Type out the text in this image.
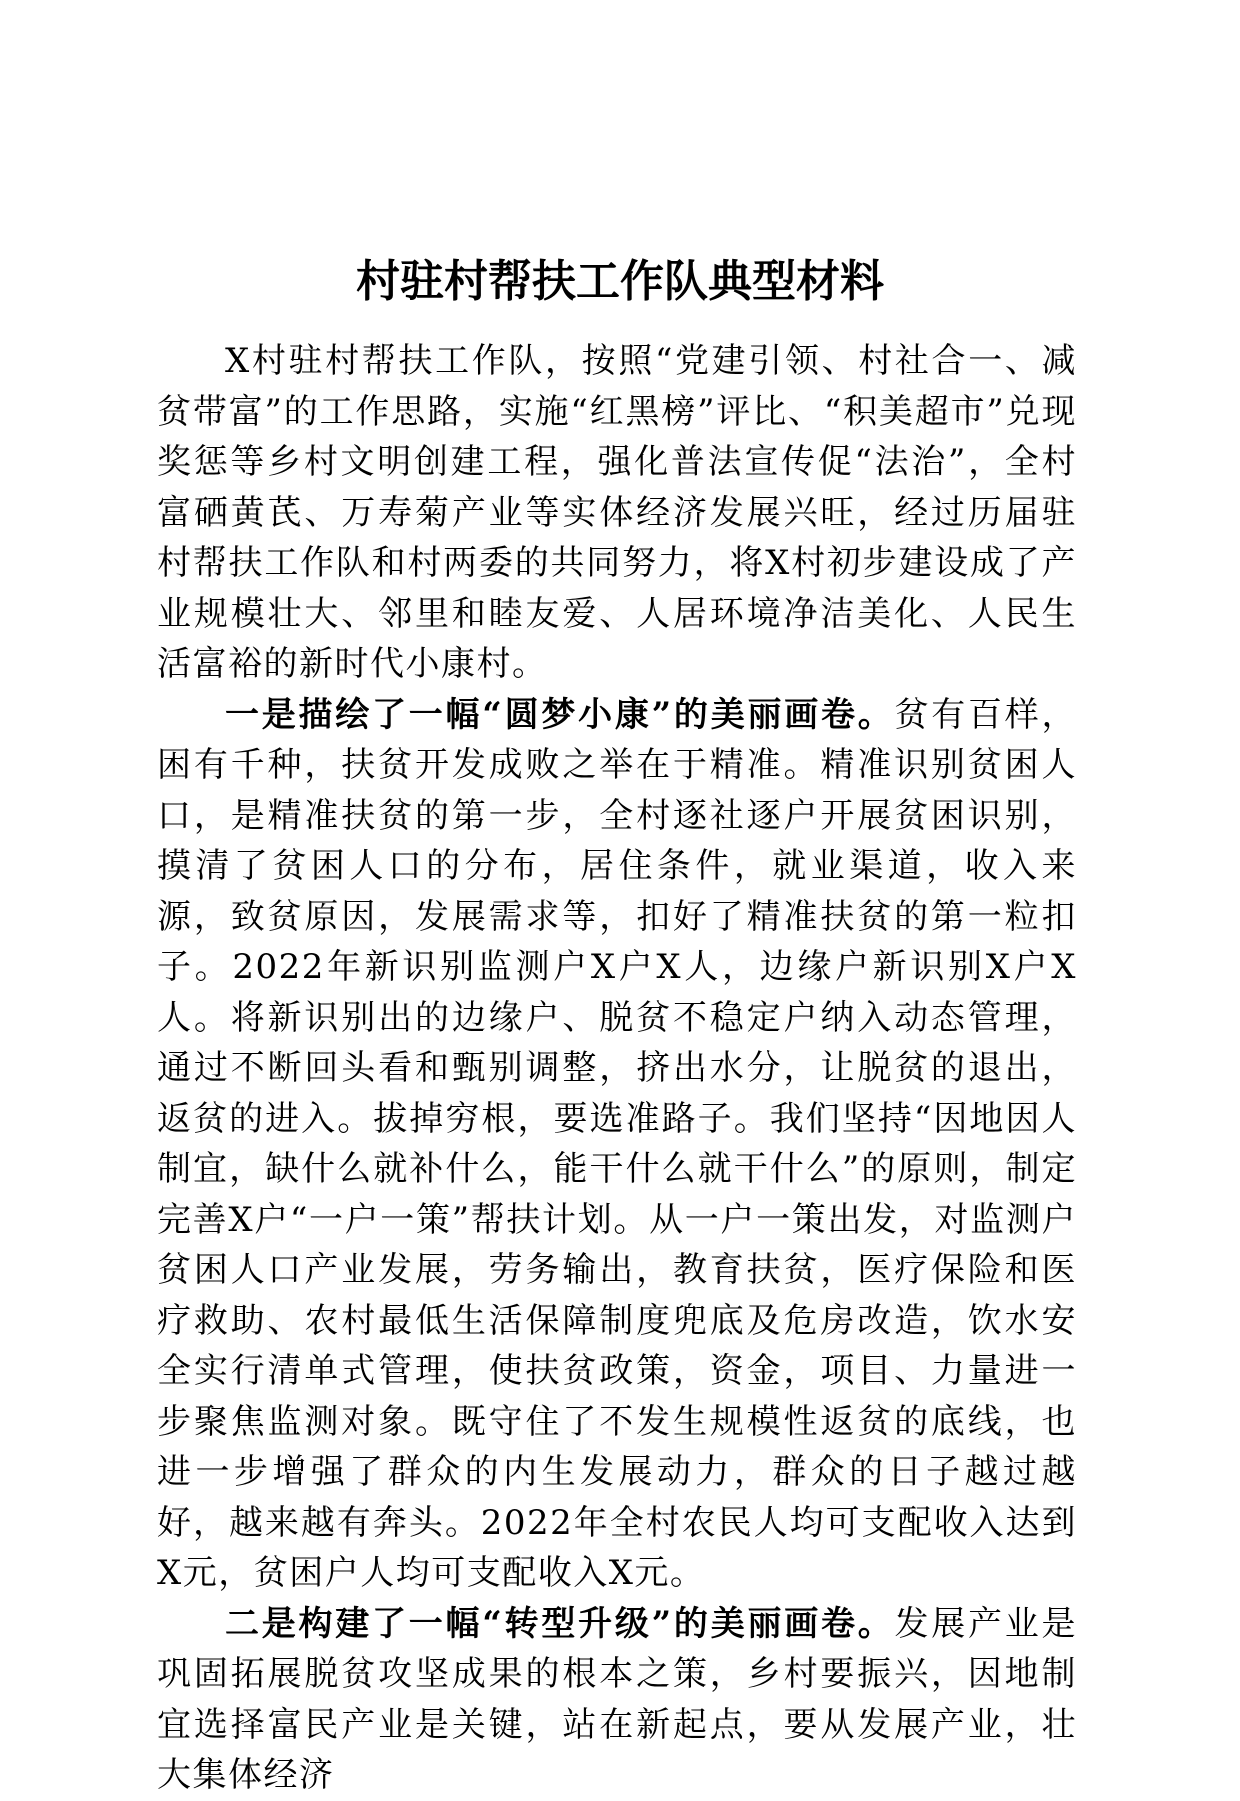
村驻村帮扶工作队典型材料

X村驻村帮扶工作队，按照“党建引领、村社合一、减贫带富”的工作思路，实施“红黑榜”评比、“积美超市”兑现奖惩等乡村文明创建工程，强化普法宣传促“法治”，全村富硒黄芪、万寿菊产业等实体经济发展兴旺，经过历届驻村帮扶工作队和村两委的共同努力，将X村初步建设成了产业规模壮大、邻里和睦友爱、人居环境净洁美化、人民生活富裕的新时代小康村。

一是描绘了一幅“圆梦小康”的美丽画卷。贫有百样，困有千种，扶贫开发成败之举在于精准。精准识别贫困人口，是精准扶贫的第一步，全村逐社逐户开展贫困识别，摸清了贫困人口的分布，居住条件，就业渠道，收入来源，致贫原因，发展需求等，扣好了精准扶贫的第一粒扣子。2022年新识别监测户X户X人，边缘户新识别X户X人。将新识别出的边缘户、脱贫不稳定户纳入动态管理，通过不断回头看和甄别调整，挤出水分，让脱贫的退出，返贫的进入。拔掉穷根，要选准路子。我们坚持“因地因人制宜，缺什么就补什么，能干什么就干什么”的原则，制定完善X户“一户一策”帮扶计划。从一户一策出发，对监测户贫困人口产业发展，劳务输出，教育扶贫，医疗保险和医疗救助、农村最低生活保障制度兜底及危房改造，饮水安全实行清单式管理，使扶贫政策，资金，项目、力量进一步聚焦监测对象。既守住了不发生规模性返贫的底线，也进一步增强了群众的内生发展动力，群众的日子越过越好，越来越有奔头。2022年全村农民人均可支配收入达到X元，贫困户人均可支配收入X元。

二是构建了一幅“转型升级”的美丽画卷。发展产业是巩固拓展脱贫攻坚成果的根本之策，乡村要振兴，因地制宜选择富民产业是关键，站在新起点，要从发展产业，壮大集体经济
